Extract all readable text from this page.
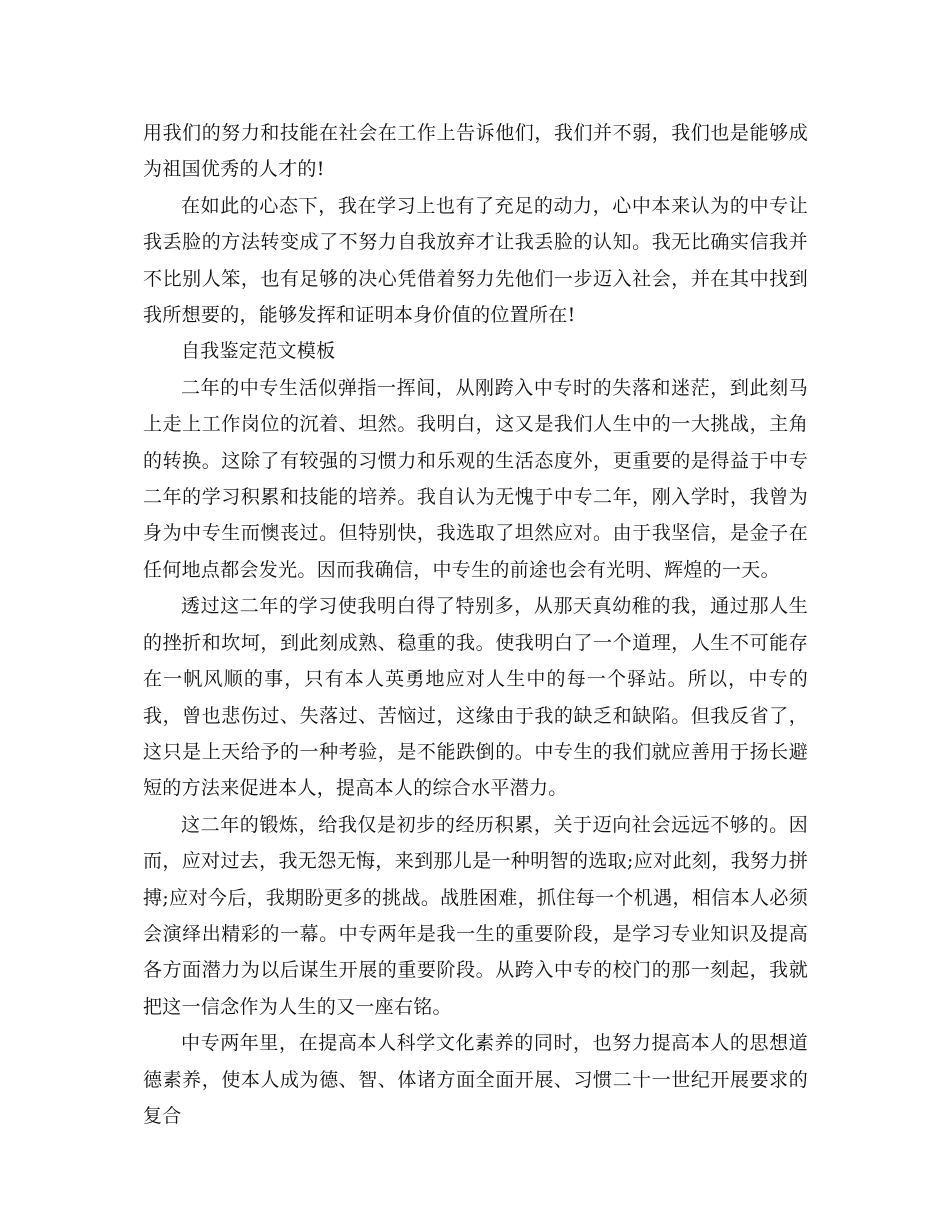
用我们的努力和技能在社会在工作上告诉他们，我们并不弱，我们也是能够成为祖国优秀的人才的!

在如此的心态下，我在学习上也有了充足的动力，心中本来认为的中专让我丢脸的方法转变成了不努力自我放弃才让我丢脸的认知。我无比确实信我并不比别人笨，也有足够的决心凭借着努力先他们一步迈入社会，并在其中找到我所想要的，能够发挥和证明本身价值的位置所在!

自我鉴定范文模板

二年的中专生活似弹指一挥间，从刚跨入中专时的失落和迷茫，到此刻马上走上工作岗位的沉着、坦然。我明白，这又是我们人生中的一大挑战，主角的转换。这除了有较强的习惯力和乐观的生活态度外，更重要的是得益于中专二年的学习积累和技能的培养。我自认为无愧于中专二年，刚入学时，我曾为身为中专生而懊丧过。但特别快，我选取了坦然应对。由于我坚信，是金子在任何地点都会发光。因而我确信，中专生的前途也会有光明、辉煌的一天。

透过这二年的学习使我明白得了特别多，从那天真幼稚的我，通过那人生的挫折和坎坷，到此刻成熟、稳重的我。使我明白了一个道理，人生不可能存在一帆风顺的事，只有本人英勇地应对人生中的每一个驿站。所以，中专的我，曾也悲伤过、失落过、苦恼过，这缘由于我的缺乏和缺陷。但我反省了，这只是上天给予的一种考验，是不能跌倒的。中专生的我们就应善用于扬长避短的方法来促进本人，提高本人的综合水平潜力。

这二年的锻炼，给我仅是初步的经历积累，关于迈向社会远远不够的。因而，应对过去，我无怨无悔，来到那儿是一种明智的选取;应对此刻，我努力拼搏;应对今后，我期盼更多的挑战。战胜困难，抓住每一个机遇，相信本人必须会演绎出精彩的一幕。中专两年是我一生的重要阶段，是学习专业知识及提高各方面潜力为以后谋生开展的重要阶段。从跨入中专的校门的那一刻起，我就把这一信念作为人生的又一座右铭。

中专两年里，在提高本人科学文化素养的同时，也努力提高本人的思想道德素养，使本人成为德、智、体诸方面全面开展、习惯二十一世纪开展要求的复合
